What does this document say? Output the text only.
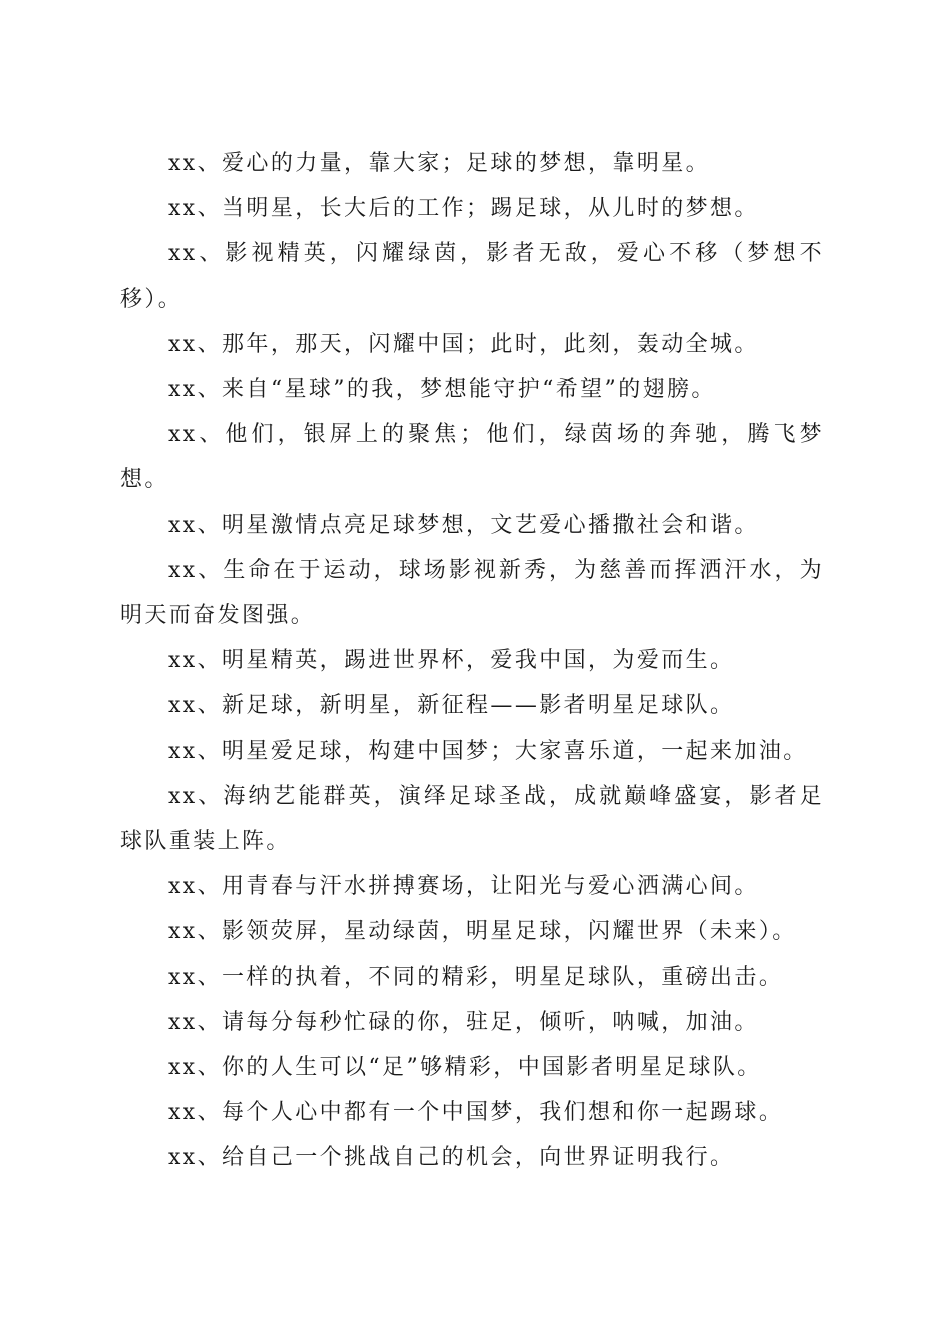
xx、爱心的力量，靠大家；足球的梦想，靠明星。

xx、当明星，长大后的工作；踢足球，从儿时的梦想。

xx、影视精英，闪耀绿茵，影者无敌，爱心不移（梦想不移）。

xx、那年，那天，闪耀中国；此时，此刻，轰动全城。

xx、来自“星球”的我，梦想能守护“希望”的翅膀。

xx、他们，银屏上的聚焦；他们，绿茵场的奔驰，腾飞梦想。

xx、明星激情点亮足球梦想，文艺爱心播撒社会和谐。

xx、生命在于运动，球场影视新秀，为慈善而挥洒汗水，为明天而奋发图强。

xx、明星精英，踢进世界杯，爱我中国，为爱而生。

xx、新足球，新明星，新征程——影者明星足球队。

xx、明星爱足球，构建中国梦；大家喜乐道，一起来加油。

xx、海纳艺能群英，演绎足球圣战，成就巅峰盛宴，影者足球队重装上阵。

xx、用青春与汗水拼搏赛场，让阳光与爱心洒满心间。

xx、影领荧屏，星动绿茵，明星足球，闪耀世界（未来）。

xx、一样的执着，不同的精彩，明星足球队，重磅出击。

xx、请每分每秒忙碌的你，驻足，倾听，呐喊，加油。

xx、你的人生可以“足”够精彩，中国影者明星足球队。

xx、每个人心中都有一个中国梦，我们想和你一起踢球。

xx、给自己一个挑战自己的机会，向世界证明我行。
